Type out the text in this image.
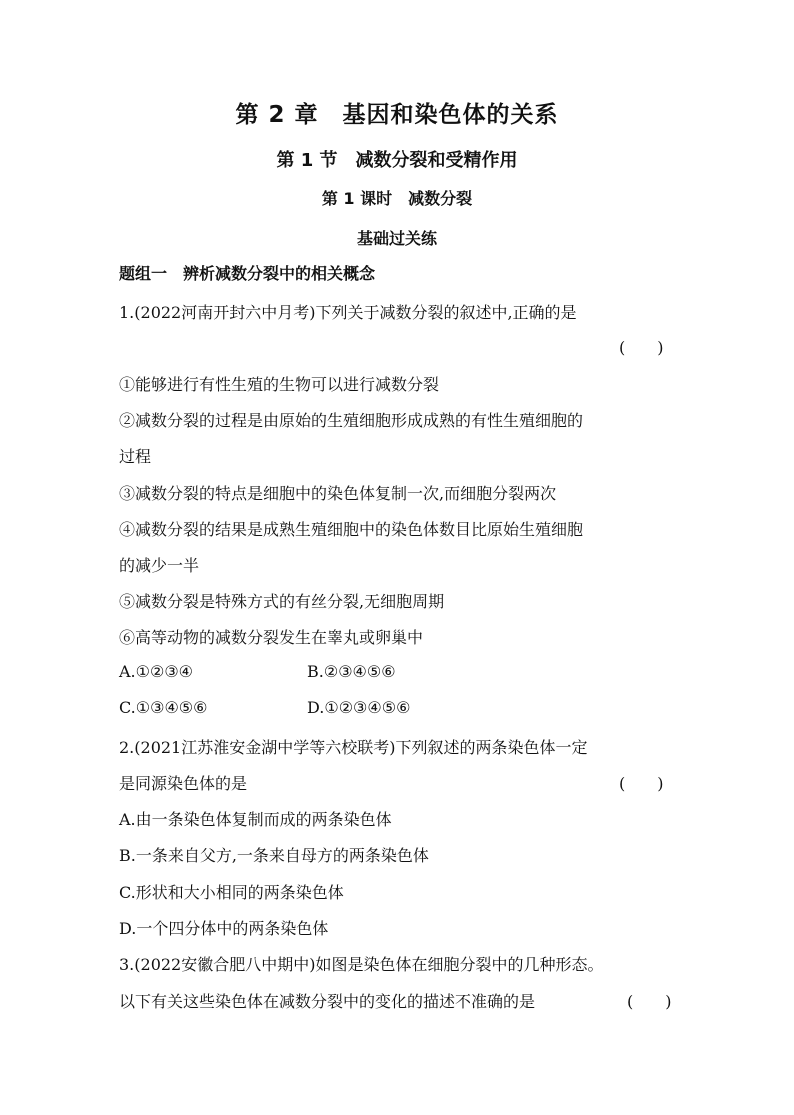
第 2 章　基因和染色体的关系
第 1 节　减数分裂和受精作用
第 1 课时　减数分裂
基础过关练
题组一　辨析减数分裂中的相关概念
1.(2022河南开封六中月考)下列关于减数分裂的叙述中,正确的是
(　　)
①能够进行有性生殖的生物可以进行减数分裂
②减数分裂的过程是由原始的生殖细胞形成成熟的有性生殖细胞的
过程
③减数分裂的特点是细胞中的染色体复制一次,而细胞分裂两次
④减数分裂的结果是成熟生殖细胞中的染色体数目比原始生殖细胞
的减少一半
⑤减数分裂是特殊方式的有丝分裂,无细胞周期
⑥高等动物的减数分裂发生在睾丸或卵巢中
A.①②③④	B.②③④⑤⑥
C.①③④⑤⑥	D.①②③④⑤⑥
2.(2021江苏淮安金湖中学等六校联考)下列叙述的两条染色体一定
是同源染色体的是	(　　)
A.由一条染色体复制而成的两条染色体
B.一条来自父方,一条来自母方的两条染色体
C.形状和大小相同的两条染色体
D.一个四分体中的两条染色体
3.(2022安徽合肥八中期中)如图是染色体在细胞分裂中的几种形态。
以下有关这些染色体在减数分裂中的变化的描述不准确的是	(　　)
